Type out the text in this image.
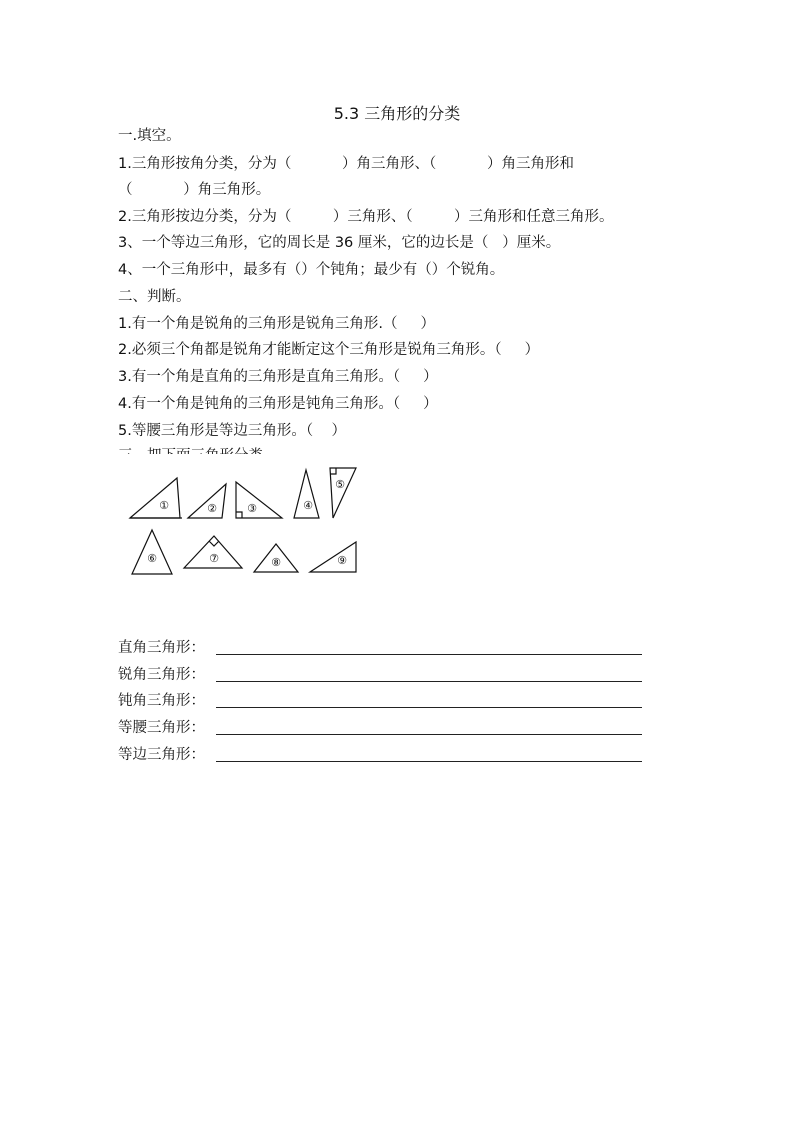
5.3 三角形的分类
一.填空。
1.三角形按角分类，分为（           ）角三角形、（           ）角三角形和
（           ）角三角形。
2.三角形按边分类，分为（         ）三角形、（         ）三角形和任意三角形。
3、一个等边三角形，它的周长是 36 厘米，它的边长是（   ）厘米。
4、一个三角形中，最多有（）个钝角；最少有（）个锐角。
二、判断。
1.有一个角是锐角的三角形是锐角三角形.（     ）
2.必须三个角都是锐角才能断定这个三角形是锐角三角形。（     ）
3.有一个角是直角的三角形是直角三角形。（     ）
4.有一个角是钝角的三角形是钝角三角形。（     ）
5.等腰三角形是等边三角形。（    ）
①	②	③	④
⑤
⑥	⑦	⑧	⑨
直角三角形：
锐角三角形：
钝角三角形：
等腰三角形：
等边三角形：
